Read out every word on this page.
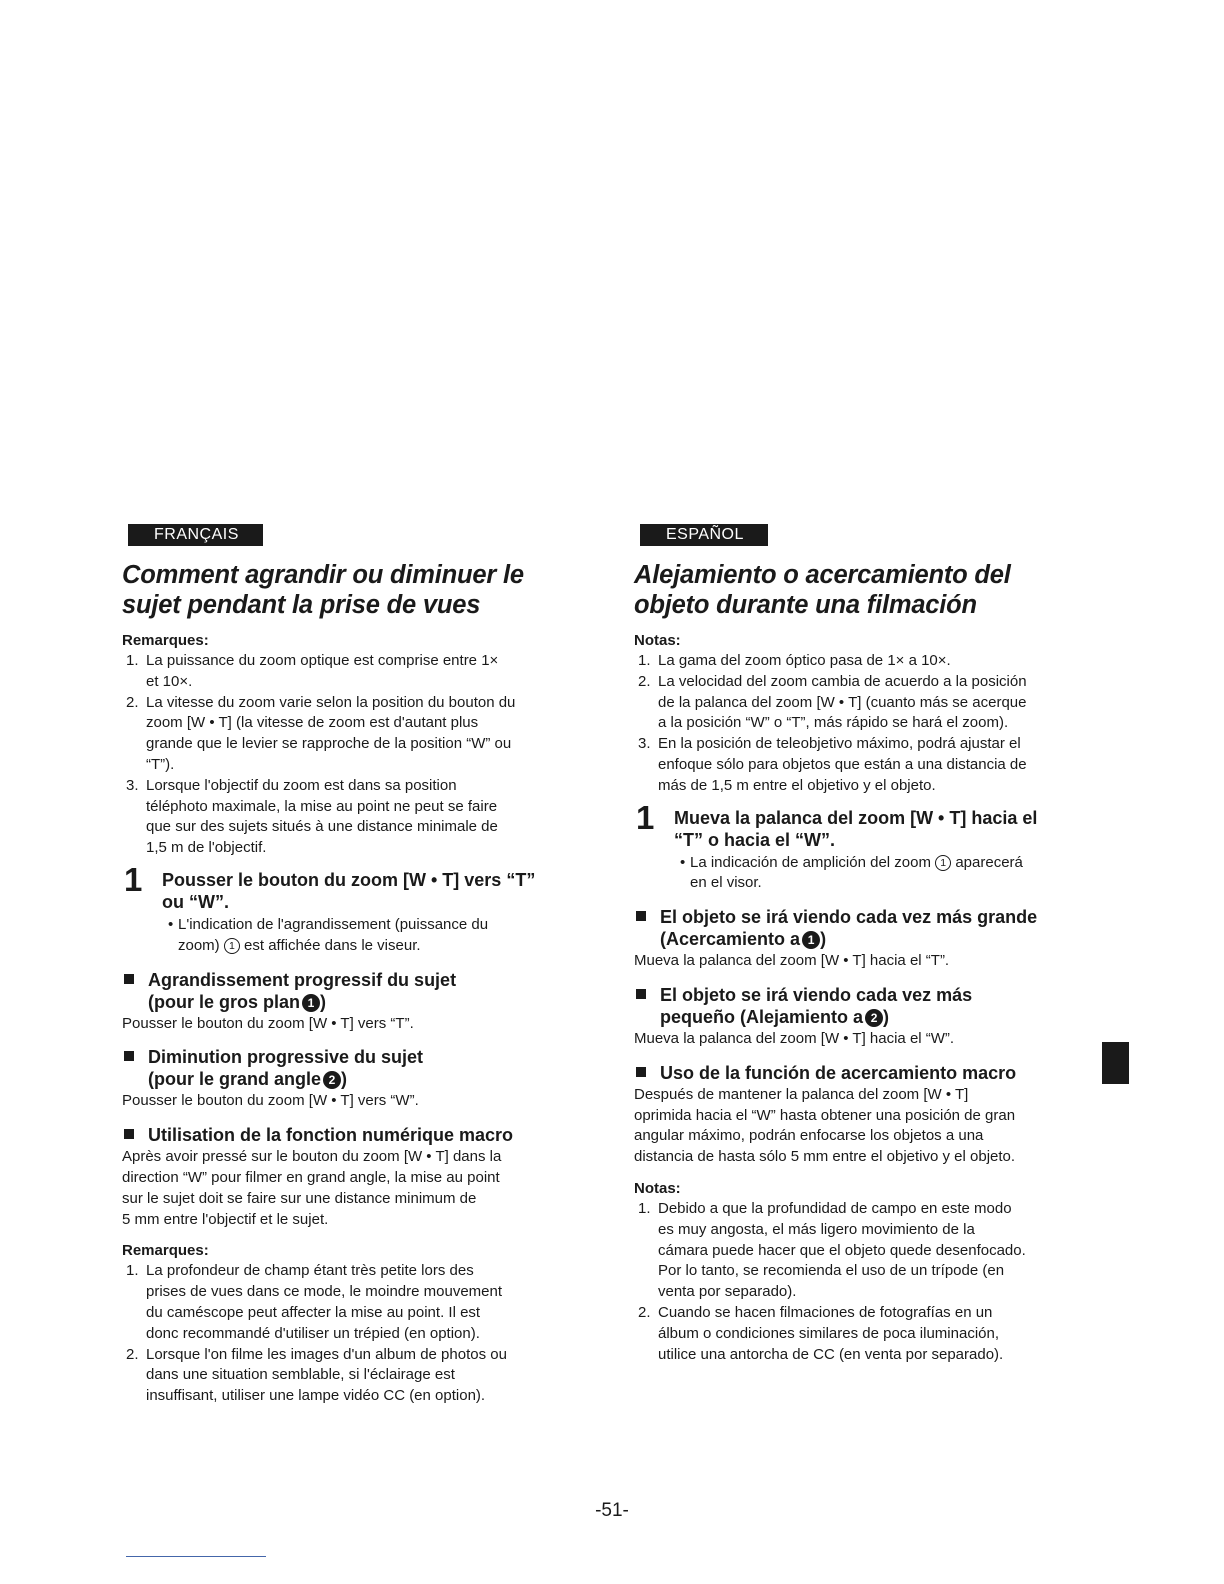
FRANÇAIS
Comment agrandir ou diminuer le
sujet pendant la prise de vues
Remarques:
1. La puissance du zoom optique est comprise entre 1×
et 10×.
2. La vitesse du zoom varie selon la position du bouton du
zoom [W • T] (la vitesse de zoom est d'autant plus
grande que le levier se rapproche de la position “W” ou
“T”).
3. Lorsque l'objectif du zoom est dans sa position
téléphoto maximale, la mise au point ne peut se faire
que sur des sujets situés à une distance minimale de
1,5 m de l'objectif.
1 Pousser le bouton du zoom [W • T] vers “T”
ou “W”.
• L'indication de l'agrandissement (puissance du
zoom) 1 est affichée dans le viseur.
Agrandissement progressif du sujet
(pour le gros plan 1 )
Pousser le bouton du zoom [W • T] vers “T”.
Diminution progressive du sujet
(pour le grand angle 2 )
Pousser le bouton du zoom [W • T] vers “W”.
Utilisation de la fonction numérique macro
Après avoir pressé sur le bouton du zoom [W • T] dans la
direction “W” pour filmer en grand angle, la mise au point
sur le sujet doit se faire sur une distance minimum de
5 mm entre l'objectif et le sujet.
Remarques:
1. La profondeur de champ étant très petite lors des
prises de vues dans ce mode, le moindre mouvement
du caméscope peut affecter la mise au point. Il est
donc recommandé d'utiliser un trépied (en option).
2. Lorsque l'on filme les images d'un album de photos ou
dans une situation semblable, si l'éclairage est
insuffisant, utiliser une lampe vidéo CC (en option).
ESPAÑOL
Alejamiento o acercamiento del
objeto durante una filmación
Notas:
1. La gama del zoom óptico pasa de 1× a 10×.
2. La velocidad del zoom cambia de acuerdo a la posición
de la palanca del zoom [W • T] (cuanto más se acerque
a la posición “W” o “T”, más rápido se hará el zoom).
3. En la posición de teleobjetivo máximo, podrá ajustar el
enfoque sólo para objetos que están a una distancia de
más de 1,5 m entre el objetivo y el objeto.
1 Mueva la palanca del zoom [W • T] hacia el
“T” o hacia el “W”.
• La indicación de amplición del zoom 1 aparecerá
en el visor.
El objeto se irá viendo cada vez más grande
(Acercamiento a 1 )
Mueva la palanca del zoom [W • T] hacia el “T”.
El objeto se irá viendo cada vez más
pequeño (Alejamiento a 2 )
Mueva la palanca del zoom [W • T] hacia el “W”.
Uso de la función de acercamiento macro
Después de mantener la palanca del zoom [W • T]
oprimida hacia el “W” hasta obtener una posición de gran
angular máximo, podrán enfocarse los objetos a una
distancia de hasta sólo 5 mm entre el objetivo y el objeto.
Notas:
1. Debido a que la profundidad de campo en este modo
es muy angosta, el más ligero movimiento de la
cámara puede hacer que el objeto quede desenfocado.
Por lo tanto, se recomienda el uso de un trípode (en
venta por separado).
2. Cuando se hacen filmaciones de fotografías en un
álbum o condiciones similares de poca iluminación,
utilice una antorcha de CC (en venta por separado).
-51-
